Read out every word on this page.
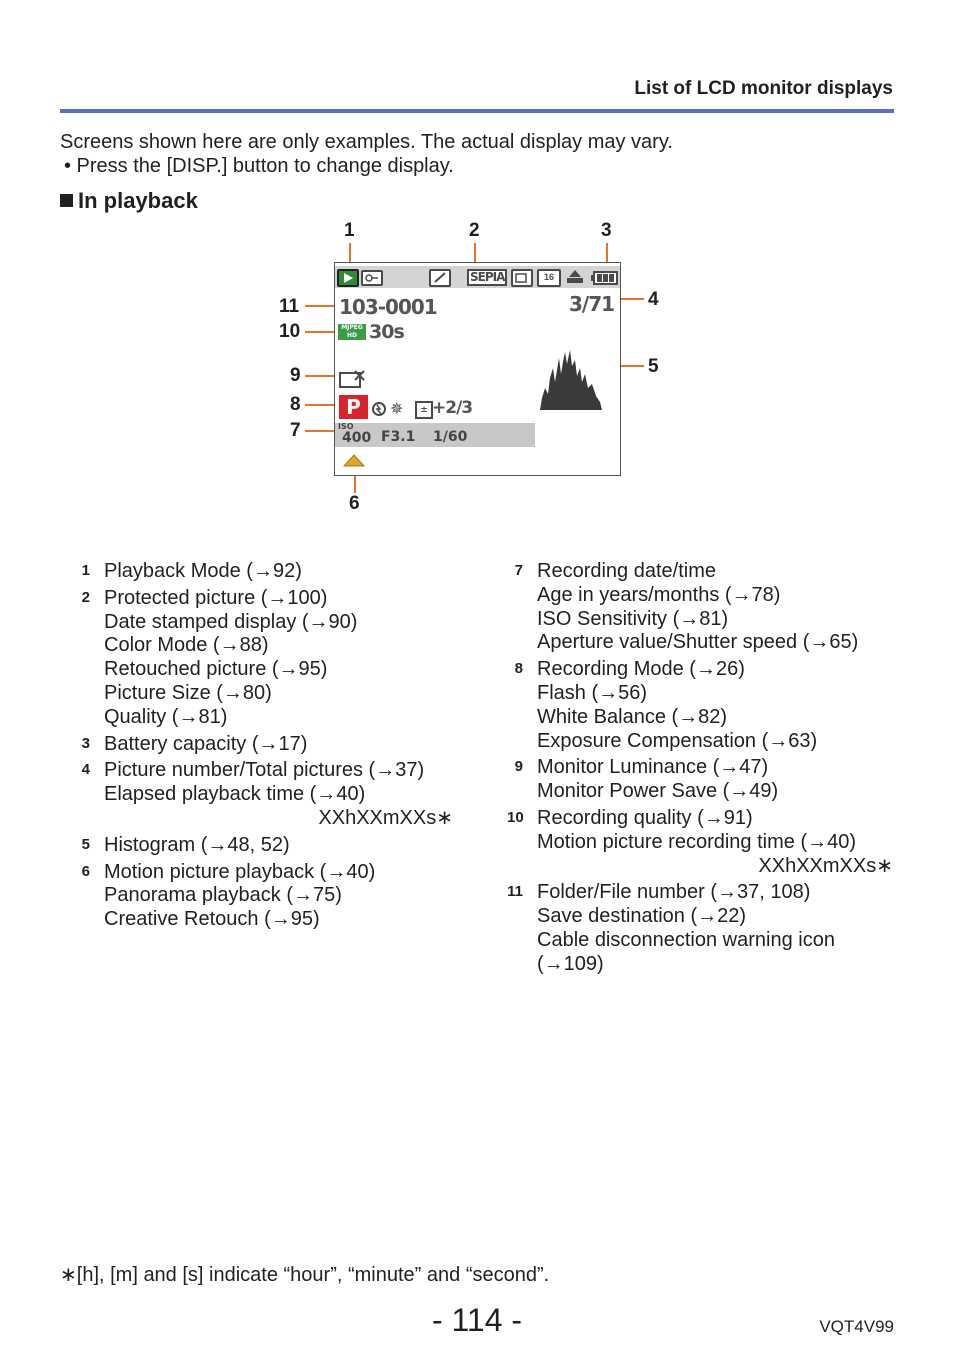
List of LCD monitor displays
Screens shown here are only examples. The actual display may vary.
• Press the [DISP.] button to change display.
In playback
1	2	3
4
5
6
7
8
9
10
11
SEPIA	16
103-0001	3/71
MJPEG HD 30s
P	✵	± +2/3
ISO
400 F3.1 1/60
1 Playback Mode (→92)
2 Protected picture (→100)
Date stamped display (→90)
Color Mode (→88)
Retouched picture (→95)
Picture Size (→80)
Quality (→81)
3 Battery capacity (→17)
4 Picture number/Total pictures (→37)
Elapsed playback time (→40)
XXhXXmXXs∗
5 Histogram (→48, 52)
6 Motion picture playback (→40)
Panorama playback (→75)
Creative Retouch (→95)
7 Recording date/time
Age in years/months (→78)
ISO Sensitivity (→81)
Aperture value/Shutter speed (→65)
8 Recording Mode (→26)
Flash (→56)
White Balance (→82)
Exposure Compensation (→63)
9 Monitor Luminance (→47)
Monitor Power Save (→49)
10 Recording quality (→91)
Motion picture recording time (→40)
XXhXXmXXs∗
11 Folder/File number (→37, 108)
Save destination (→22)
Cable disconnection warning icon
(→109)
∗[h], [m] and [s] indicate “hour”, “minute” and “second”.
- 114 -	VQT4V99
